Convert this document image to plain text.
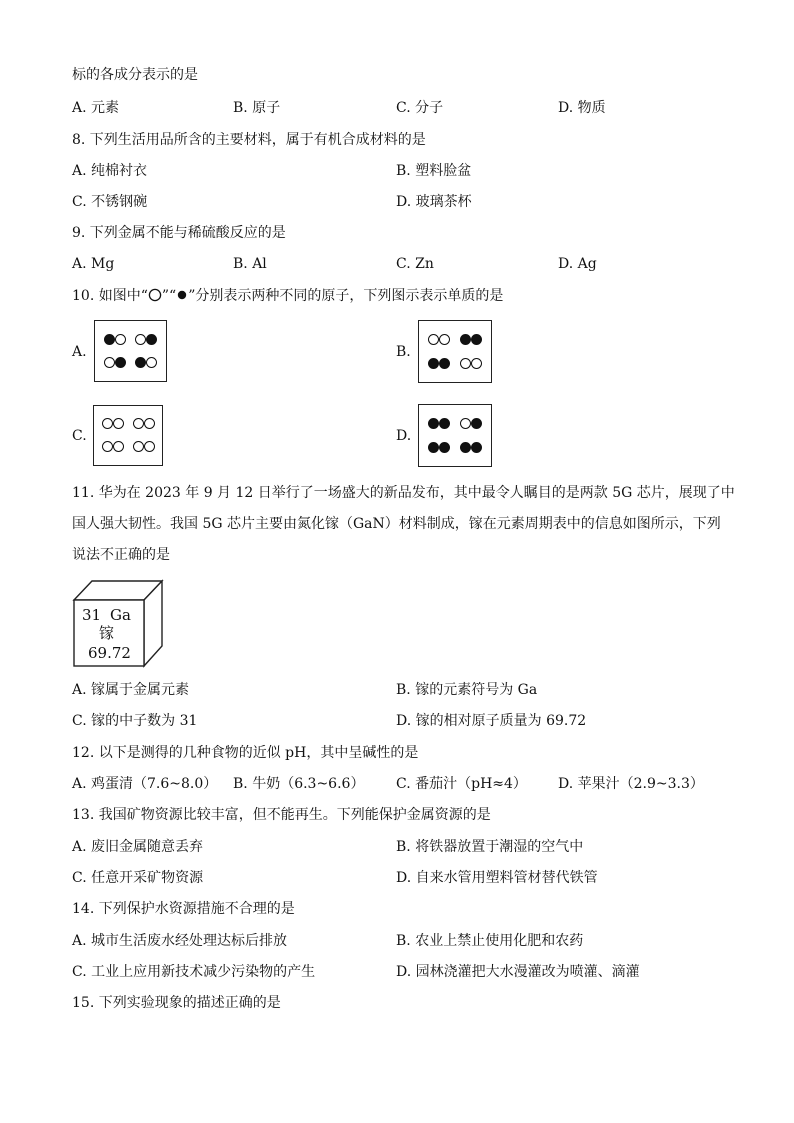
标的各成分表示的是
A. 元素	B. 原子	C. 分子	D. 物质
8. 下列生活用品所含的主要材料，属于有机合成材料的是
A. 纯棉衬衣	B. 塑料脸盆
C. 不锈钢碗	D. 玻璃茶杯
9. 下列金属不能与稀硫酸反应的是
A. Mg	B. Al	C. Zn	D. Ag
10. 如图中“ ”“ ”分别表示两种不同的原子，下列图示表示单质的是
A.	B.
C.	D.
11. 华为在 2023 年 9 月 12 日举行了一场盛大的新品发布，其中最令人瞩目的是两款 5G 芯片，展现了中
国人强大韧性。我国 5G 芯片主要由氮化镓（GaN）材料制成，镓在元素周期表中的信息如图所示，下列
说法不正确的是
31 Ga
镓
69.72
A. 镓属于金属元素	B. 镓的元素符号为 Ga
C. 镓的中子数为 31	D. 镓的相对原子质量为 69.72
12. 以下是测得的几种食物的近似 pH，其中呈碱性的是
A. 鸡蛋清（7.6~8.0） B. 牛奶（6.3~6.6） C. 番茄汁（pH≈4） D. 苹果汁（2.9~3.3）
13. 我国矿物资源比较丰富，但不能再生。下列能保护金属资源的是
A. 废旧金属随意丢弃	B. 将铁器放置于潮湿的空气中
C. 任意开采矿物资源	D. 自来水管用塑料管材替代铁管
14. 下列保护水资源措施不合理的是
A. 城市生活废水经处理达标后排放	B. 农业上禁止使用化肥和农药
C. 工业上应用新技术减少污染物的产生	D. 园林浇灌把大水漫灌改为喷灌、滴灌
15. 下列实验现象的描述正确的是
